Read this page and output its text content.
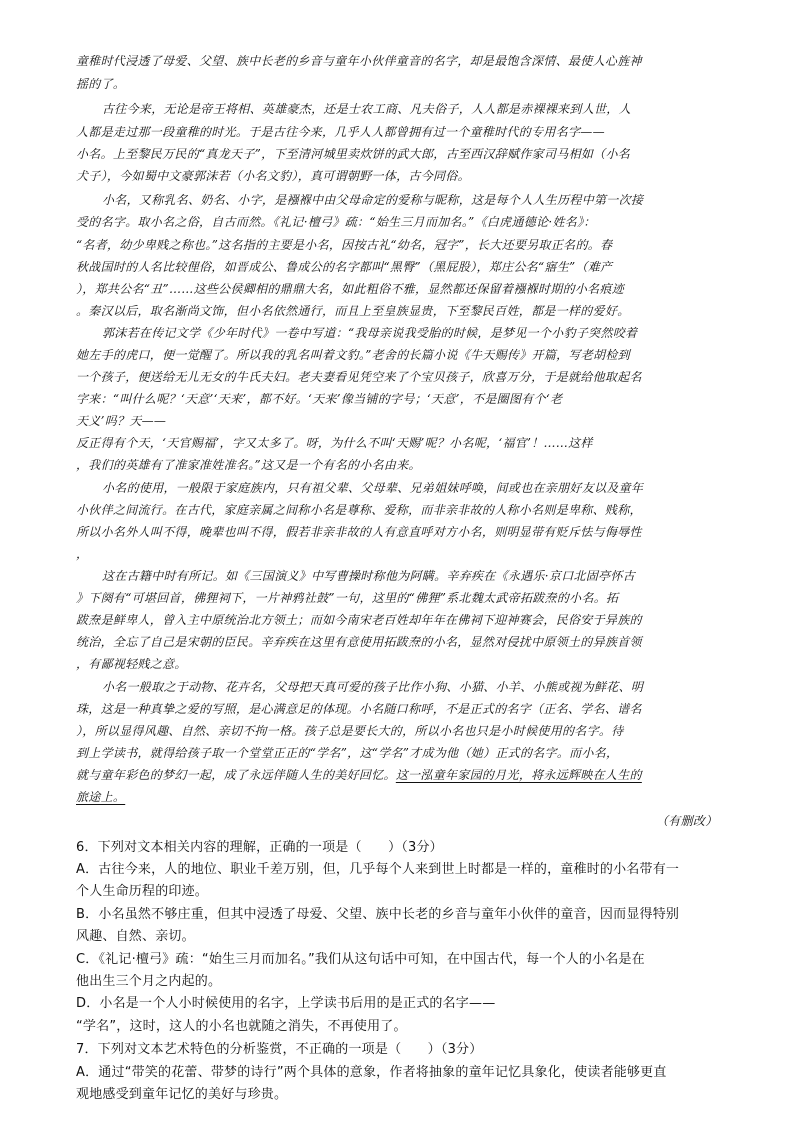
童稚时代浸透了母爱、父望、族中长老的乡音与童年小伙伴童音的名字，却是最饱含深情、最使人心旌神
摇的了。
古往今来，无论是帝王将相、英雄豪杰，还是士农工商、凡夫俗子，人人都是赤裸裸来到人世，人
人都是走过那一段童稚的时光。于是古往今来，几乎人人都曾拥有过一个童稚时代的专用名字——
小名。上至黎民万民的“真龙天子”，下至清河城里卖炊饼的武大郎，古至西汉辞赋作家司马相如（小名
犬子），今如蜀中文豪郭沫若（小名文豹），真可谓朝野一体，古今同俗。
小名，又称乳名、奶名、小字，是襁褓中由父母命定的爱称与昵称，这是每个人人生历程中第一次接
受的名字。取小名之俗，自古而然。《礼记·檀弓》疏：“始生三月而加名。”《白虎通德论·姓名》：
“名者，幼少卑贱之称也。”这名指的主要是小名，因按古礼“幼名，冠字”，长大还要另取正名的。春
秋战国时的人名比较俚俗，如晋成公、鲁成公的名字都叫“黑臀”（黑屁股），郑庄公名“寤生”（难产
），郑共公名“丑”……这些公侯卿相的鼎鼎大名，如此粗俗不雅，显然都还保留着襁褓时期的小名痕迹
。秦汉以后，取名渐尚文饰，但小名依然通行，而且上至皇族显贵，下至黎民百姓，都是一样的爱好。
郭沫若在传记文学《少年时代》一卷中写道：“我母亲说我受胎的时候，是梦见一个小豹子突然咬着
她左手的虎口，便一觉醒了。所以我的乳名叫着文豹。”老舍的长篇小说《牛天赐传》开篇，写老胡检到
一个孩子，便送给无儿无女的牛氏夫妇。老夫妻看见凭空来了个宝贝孩子，欣喜万分，于是就给他取起名
字来：“叫什么呢？‘天意’‘天来’，都不好。‘天来’像当铺的字号；‘天意’，不是圈图有个‘老
天义’吗？天——
反正得有个天，‘天官赐福’，字又太多了。呀，为什么不叫‘天赐’呢？小名呢，‘福官’！……这样
，我们的英雄有了准家准姓准名。”这又是一个有名的小名由来。
小名的使用，一般限于家庭族内，只有祖父辈、父母辈、兄弟姐妹呼唤，间或也在亲朋好友以及童年
小伙伴之间流行。在古代，家庭亲属之间称小名是尊称、爱称，而非亲非故的人称小名则是卑称、贱称，
所以小名外人叫不得，晚辈也叫不得，假若非亲非故的人有意直呼对方小名，则明显带有贬斥怯与侮辱性
，
这在古籍中时有所记。如《三国演义》中写曹操时称他为阿瞒。辛弃疾在《永遇乐·京口北固亭怀古
》下阕有“可堪回首，佛狸祠下，一片神鸦社鼓”一句，这里的“佛狸”系北魏太武帝拓跋焘的小名。拓
跋焘是鲜卑人，曾入主中原统治北方领土；而如今南宋老百姓却年年在佛祠下迎神赛会，民俗安于异族的
统治，全忘了自己是宋朝的臣民。辛弃疾在这里有意使用拓跋焘的小名，显然对侵扰中原领土的异族首领
，有鄙视轻贱之意。
小名一般取之于动物、花卉名，父母把天真可爱的孩子比作小狗、小猫、小羊、小熊或视为鲜花、明
珠，这是一种真挚之爱的写照，是心满意足的体现。小名随口称呼，不是正式的名字（正名、学名、谱名
），所以显得风趣、自然、亲切不拘一格。孩子总是要长大的，所以小名也只是小时候使用的名字。待
到上学读书，就得给孩子取一个堂堂正正的“学名”，这“学名”才成为他（她）正式的名字。而小名，
就与童年彩色的梦幻一起，成了永远伴随人生的美好回忆。这一泓童年家园的月光，将永远辉映在人生的
旅途上。
（有删改）
6．下列对文本相关内容的理解，正确的一项是（　　）（3分）
A．古往今来，人的地位、职业千差万别，但，几乎每个人来到世上时都是一样的，童稚时的小名带有一
个人生命历程的印迹。
B．小名虽然不够庄重，但其中浸透了母爱、父望、族中长老的乡音与童年小伙伴的童音，因而显得特别
风趣、自然、亲切。
C．《礼记·檀弓》疏：“始生三月而加名。”我们从这句话中可知，在中国古代，每一个人的小名是在
他出生三个月之内起的。
D．小名是一个人小时候使用的名字，上学读书后用的是正式的名字——
“学名”，这时，这人的小名也就随之消失，不再使用了。
7．下列对文本艺术特色的分析鉴赏，不正确的一项是（　　）（3分）
A．通过“带笑的花蕾、带梦的诗行”两个具体的意象，作者将抽象的童年记忆具象化，使读者能够更直
观地感受到童年记忆的美好与珍贵。
